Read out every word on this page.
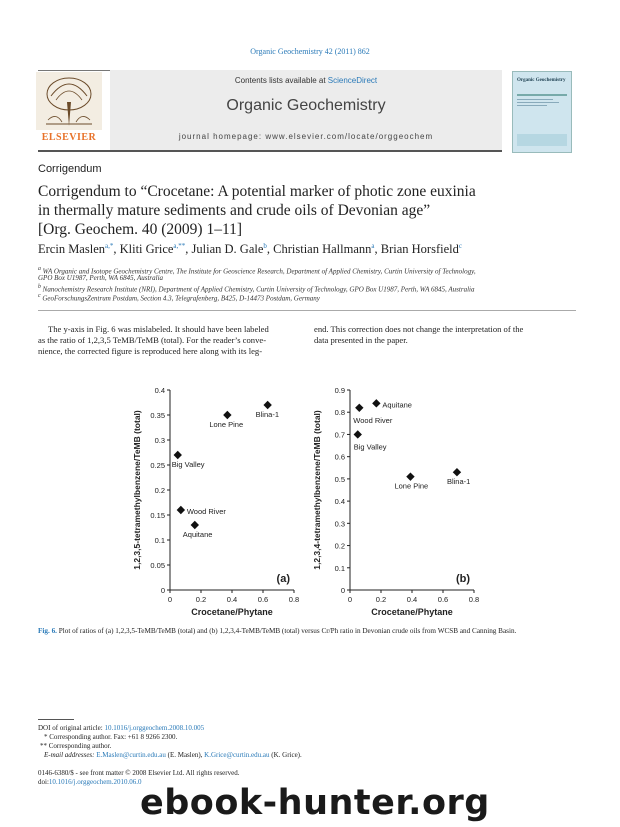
Organic Geochemistry 42 (2011) 862
Contents lists available at ScienceDirect
Organic Geochemistry
journal homepage: www.elsevier.com/locate/orggeochem
ELSEVIER
Organic Geochemistry
Corrigendum
Corrigendum to “Crocetane: A potential marker of photic zone euxinia
in thermally mature sediments and crude oils of Devonian age”
[Org. Geochem. 40 (2009) 1–11]
Ercin Maslen$^{a,*}$, Kliti Grice$^{a,**}$, Julian D. Gale$^b$, Christian Hallmann$^a$, Brian Horsfield$^c$
$^a$ WA Organic and Isotope Geochemistry Centre, The Institute for Geoscience Research, Department of Applied Chemistry, Curtin University of Technology,
GPO Box U1987, Perth, WA 6845, Australia
$^b$ Nanochemistry Research Institute (NRI), Department of Applied Chemistry, Curtin University of Technology, GPO Box U1987, Perth, WA 6845, Australia
$^c$ GeoForschungsZentrum Postdam, Section 4.3, Telegrafenberg, B425, D-14473 Postdam, Germany
The y-axis in Fig. 6 was mislabeled. It should have been labeled
as the ratio of 1,2,3,5 TeMB/TeMB (total). For the reader’s conve-
nience, the corrected figure is reproduced here along with its leg-
end. This correction does not change the interpretation of the
data presented in the paper.
0
0.05
0.1
0.15
0.2
0.25
0.3
0.35
0.4
0	0.2	0.4	0.6	0.8
Crocetane/Phytane
1,2,3,5-tetramethylbenzene/TeMB (total)
(a)
Blina-1
Lone Pine
Big Valley
Wood River
Aquitane
0
0.1
0.2
0.3
0.4
0.5
0.6
0.7
0.8
0.9
0	0.2	0.4	0.6	0.8
Crocetane/Phytane
1,2,3,4-tetramethylbenzene/TeMB (total)
(b)
Aquitane
Wood River
Big Valley
Lone Pine Blina-1
Fig. 6. Plot of ratios of (a) 1,2,3,5-TeMB/TeMB (total) and (b) 1,2,3,4-TeMB/TeMB (total) versus Cr/Ph ratio in Devonian crude oils from WCSB and Canning Basin.
DOI of original article: 10.1016/j.orggeochem.2008.10.005
* Corresponding author. Fax: +61 8 9266 2300.
** Corresponding author.
E-mail addresses: E.Maslen@curtin.edu.au (E. Maslen), K.Grice@curtin.edu.au (K. Grice).
0146-6380/$ - see front matter © 2008 Elsevier Ltd. All rights reserved.
doi:10.1016/j.orggeochem.2010.06.0
ebook-hunter.org
